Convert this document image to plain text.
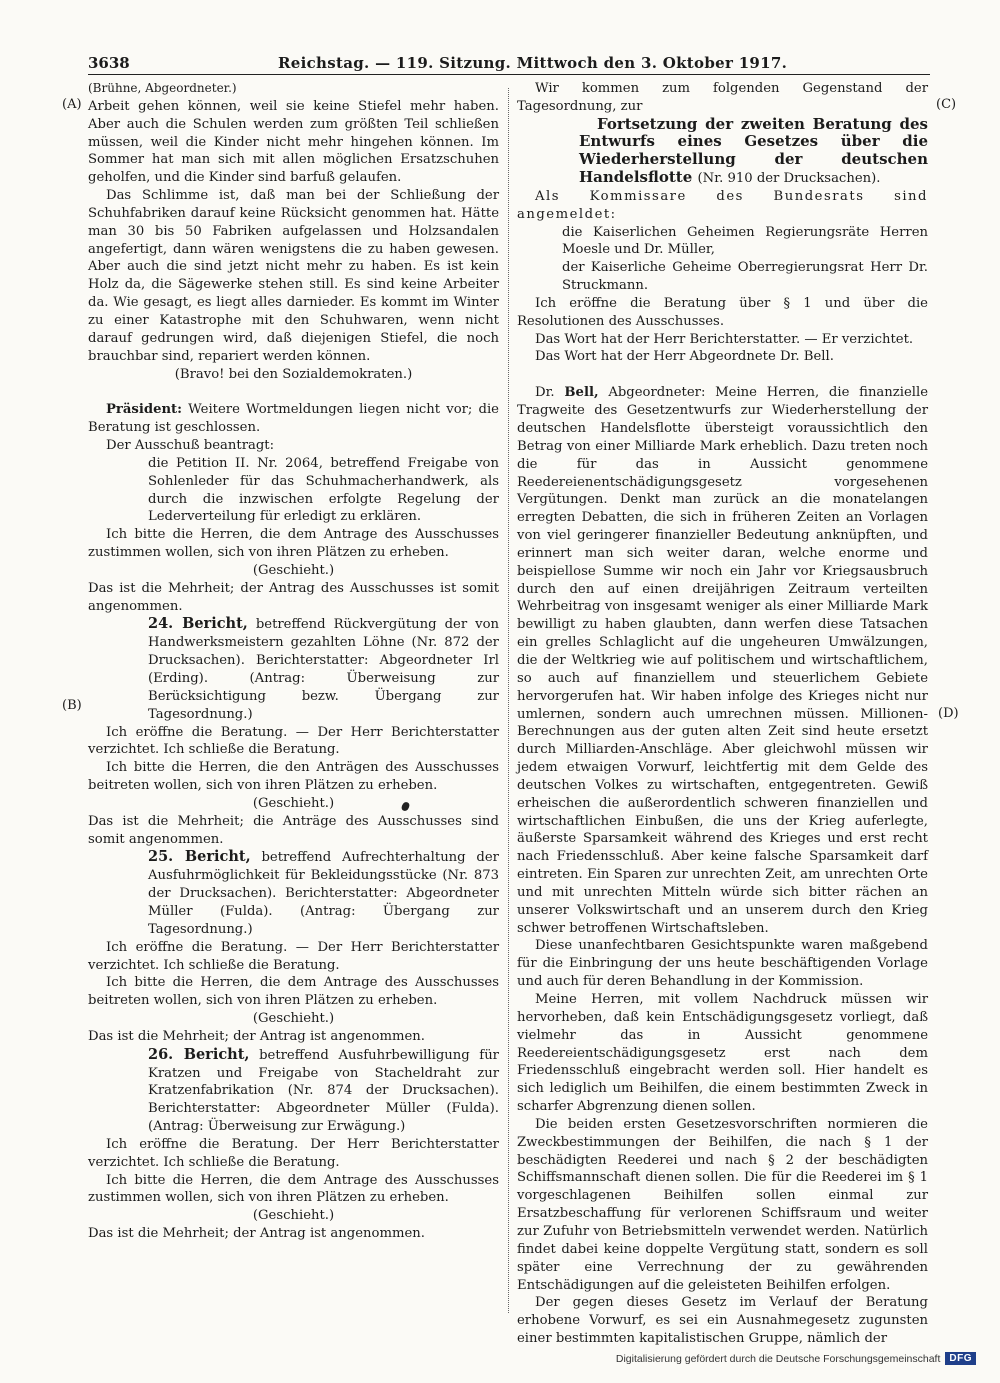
3638	Reichstag. — 119. Sitzung. Mittwoch den 3. Oktober 1917.
(A)
(B)
(C)
(D)

(Brühne, Abgeordneter.)

Arbeit gehen können, weil sie keine Stiefel mehr haben. Aber auch die Schulen werden zum größten Teil schließen müssen, weil die Kinder nicht mehr hingehen können. Im Sommer hat man sich mit allen möglichen Ersatzschuhen geholfen, und die Kinder sind barfuß gelaufen.

Das Schlimme ist, daß man bei der Schließung der Schuhfabriken darauf keine Rücksicht genommen hat. Hätte man 30 bis 50 Fabriken aufgelassen und Holzsandalen angefertigt, dann wären wenigstens die zu haben gewesen. Aber auch die sind jetzt nicht mehr zu haben. Es ist kein Holz da, die Sägewerke stehen still. Es sind keine Arbeiter da. Wie gesagt, es liegt alles darnieder. Es kommt im Winter zu einer Katastrophe mit den Schuhwaren, wenn nicht darauf gedrungen wird, daß diejenigen Stiefel, die noch brauchbar sind, repariert werden können.

(Bravo! bei den Sozialdemokraten.)

Präsident: Weitere Wortmeldungen liegen nicht vor; die Beratung ist geschlossen.

Der Ausschuß beantragt:

die Petition II. Nr. 2064, betreffend Freigabe von Sohlenleder für das Schuhmacherhandwerk, als durch die inzwischen erfolgte Regelung der Lederverteilung für erledigt zu erklären.

Ich bitte die Herren, die dem Antrage des Ausschusses zustimmen wollen, sich von ihren Plätzen zu erheben.

(Geschieht.)

Das ist die Mehrheit; der Antrag des Ausschusses ist somit angenommen.

24. Bericht, betreffend Rückvergütung der von Handwerksmeistern gezahlten Löhne (Nr. 872 der Drucksachen). Berichterstatter: Abgeordneter Irl (Erding). (Antrag: Überweisung zur Berücksichtigung bezw. Übergang zur Tagesordnung.)

Ich eröffne die Beratung. — Der Herr Berichterstatter verzichtet. Ich schließe die Beratung.

Ich bitte die Herren, die den Anträgen des Ausschusses beitreten wollen, sich von ihren Plätzen zu erheben.

(Geschieht.)

Das ist die Mehrheit; die Anträge des Ausschusses sind somit angenommen.

25. Bericht, betreffend Aufrechterhaltung der Ausfuhrmöglichkeit für Bekleidungsstücke (Nr. 873 der Drucksachen). Berichterstatter: Abgeordneter Müller (Fulda). (Antrag: Übergang zur Tagesordnung.)

Ich eröffne die Beratung. — Der Herr Berichterstatter verzichtet. Ich schließe die Beratung.

Ich bitte die Herren, die dem Antrage des Ausschusses beitreten wollen, sich von ihren Plätzen zu erheben.

(Geschieht.)

Das ist die Mehrheit; der Antrag ist angenommen.

26. Bericht, betreffend Ausfuhrbewilligung für Kratzen und Freigabe von Stacheldraht zur Kratzenfabrikation (Nr. 874 der Drucksachen). Berichterstatter: Abgeordneter Müller (Fulda). (Antrag: Überweisung zur Erwägung.)

Ich eröffne die Beratung. Der Herr Berichterstatter verzichtet. Ich schließe die Beratung.

Ich bitte die Herren, die dem Antrage des Ausschusses zustimmen wollen, sich von ihren Plätzen zu erheben.

(Geschieht.)

Das ist die Mehrheit; der Antrag ist angenommen.

Wir kommen zum folgenden Gegenstand der Tagesordnung, zur

Fortsetzung der zweiten Beratung des Entwurfs eines Gesetzes über die Wiederherstellung der deutschen Handelsflotte (Nr. 910 der Drucksachen).

Als Kommissare des Bundesrats sind angemeldet:

die Kaiserlichen Geheimen Regierungsräte Herren Moesle und Dr. Müller,

der Kaiserliche Geheime Oberregierungsrat Herr Dr. Struckmann.

Ich eröffne die Beratung über § 1 und über die Resolutionen des Ausschusses.

Das Wort hat der Herr Berichterstatter. — Er verzichtet.

Das Wort hat der Herr Abgeordnete Dr. Bell.

Dr. Bell, Abgeordneter: Meine Herren, die finanzielle Tragweite des Gesetzentwurfs zur Wiederherstellung der deutschen Handelsflotte übersteigt voraussichtlich den Betrag von einer Milliarde Mark erheblich. Dazu treten noch die für das in Aussicht genommene Reedereienentschädigungsgesetz vorgesehenen Vergütungen. Denkt man zurück an die monatelangen erregten Debatten, die sich in früheren Zeiten an Vorlagen von viel geringerer finanzieller Bedeutung anknüpften, und erinnert man sich weiter daran, welche enorme und beispiellose Summe wir noch ein Jahr vor Kriegsausbruch durch den auf einen dreijährigen Zeitraum verteilten Wehrbeitrag von insgesamt weniger als einer Milliarde Mark bewilligt zu haben glaubten, dann werfen diese Tatsachen ein grelles Schlaglicht auf die ungeheuren Umwälzungen, die der Weltkrieg wie auf politischem und wirtschaftlichem, so auch auf finanziellem und steuerlichem Gebiete hervorgerufen hat. Wir haben infolge des Krieges nicht nur umlernen, sondern auch umrechnen müssen. Millionen-Berechnungen aus der guten alten Zeit sind heute ersetzt durch Milliarden-Anschläge. Aber gleichwohl müssen wir jedem etwaigen Vorwurf, leichtfertig mit dem Gelde des deutschen Volkes zu wirtschaften, entgegentreten. Gewiß erheischen die außerordentlich schweren finanziellen und wirtschaftlichen Einbußen, die uns der Krieg auferlegte, äußerste Sparsamkeit während des Krieges und erst recht nach Friedensschluß. Aber keine falsche Sparsamkeit darf eintreten. Ein Sparen zur unrechten Zeit, am unrechten Orte und mit unrechten Mitteln würde sich bitter rächen an unserer Volkswirtschaft und an unserem durch den Krieg schwer betroffenen Wirtschaftsleben.

Diese unanfechtbaren Gesichtspunkte waren maßgebend für die Einbringung der uns heute beschäftigenden Vorlage und auch für deren Behandlung in der Kommission.

Meine Herren, mit vollem Nachdruck müssen wir hervorheben, daß kein Entschädigungsgesetz vorliegt, daß vielmehr das in Aussicht genommene Reedereientschädigungsgesetz erst nach dem Friedensschluß eingebracht werden soll. Hier handelt es sich lediglich um Beihilfen, die einem bestimmten Zweck in scharfer Abgrenzung dienen sollen.

Die beiden ersten Gesetzesvorschriften normieren die Zweckbestimmungen der Beihilfen, die nach § 1 der beschädigten Reederei und nach § 2 der beschädigten Schiffsmannschaft dienen sollen. Die für die Reederei im § 1 vorgeschlagenen Beihilfen sollen einmal zur Ersatzbeschaffung für verlorenen Schiffsraum und weiter zur Zufuhr von Betriebsmitteln verwendet werden. Natürlich findet dabei keine doppelte Vergütung statt, sondern es soll später eine Verrechnung der zu gewährenden Entschädigungen auf die geleisteten Beihilfen erfolgen.

Der gegen dieses Gesetz im Verlauf der Beratung erhobene Vorwurf, es sei ein Ausnahmegesetz zugunsten einer bestimmten kapitalistischen Gruppe, nämlich der

Digitalisierung gefördert durch die Deutsche Forschungsgemeinschaft DFG
